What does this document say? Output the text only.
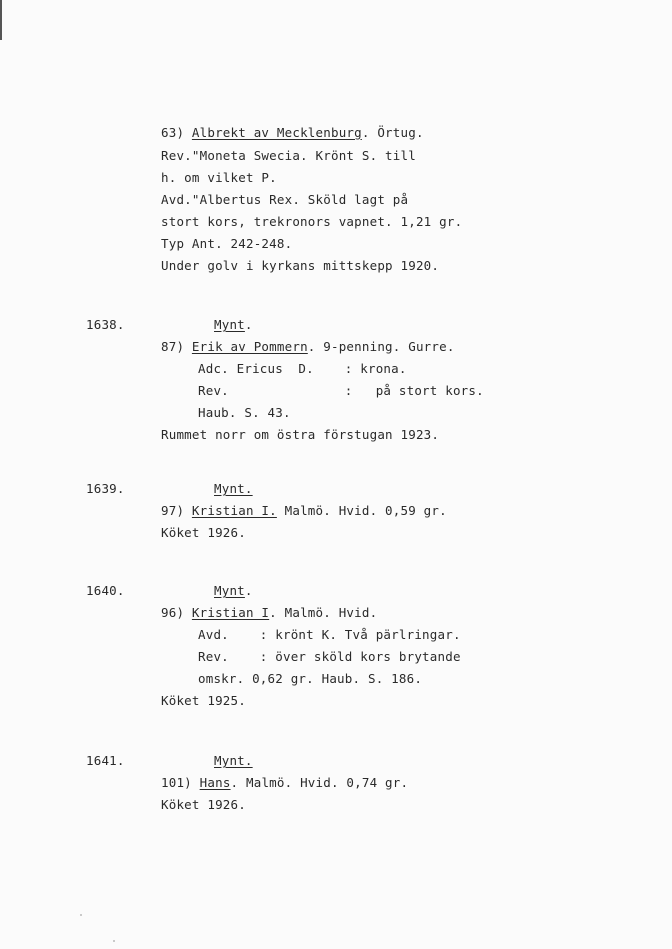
63) Albrekt av Mecklenburg. Örtug.
Rev."Moneta Swecia. Krönt S. till
h. om vilket P.
Avd."Albertus Rex. Sköld lagt på
stort kors, trekronors vapnet. 1,21 gr.
Typ Ant. 242-248.
Under golv i kyrkans mittskepp 1920.
1638.	Mynt.
87) Erik av Pommern. 9-penning. Gurre.
Adc. Ericus  D.    : krona.
Rev.               :   på stort kors.
Haub. S. 43.
Rummet norr om östra förstugan 1923.
1639.	Mynt.
97) Kristian I. Malmö. Hvid. 0,59 gr.
Köket 1926.
1640.	Mynt.
96) Kristian I. Malmö. Hvid.
Avd.    : krönt K. Två pärlringar.
Rev.    : över sköld kors brytande
omskr. 0,62 gr. Haub. S. 186.
Köket 1925.
1641.	Mynt.
101) Hans. Malmö. Hvid. 0,74 gr.
Köket 1926.
